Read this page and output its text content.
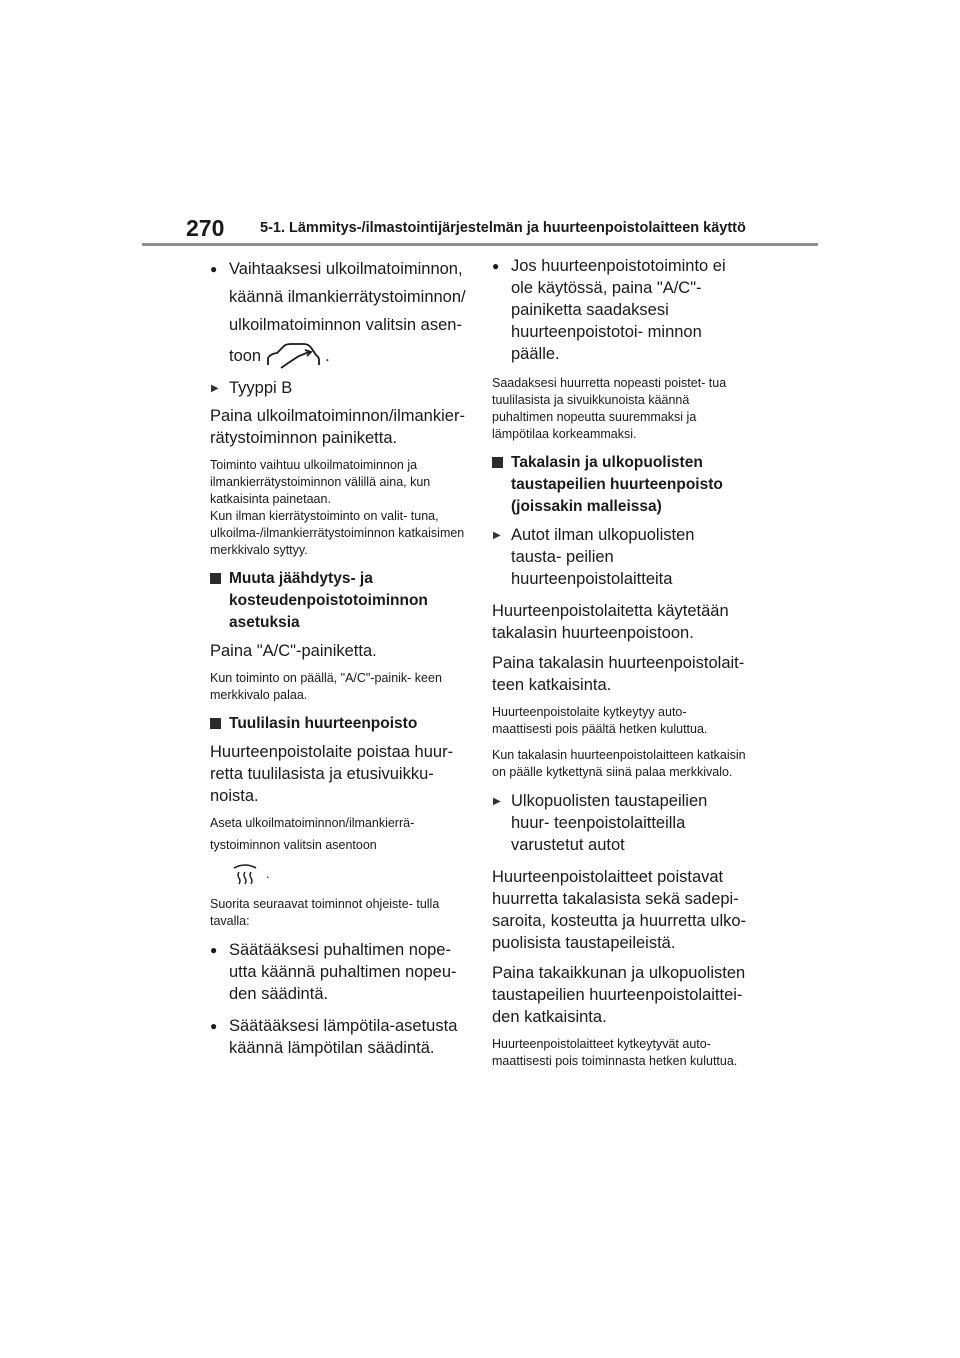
270 5-1. Lämmitys-/ilmastointijärjestelmän ja huurteenpoistolaitteen käyttö
● Vaihtaaksesi ulkoilmatoiminnon, käännä ilmankierrätystoiminnon/ ulkoilmatoiminnon valitsin asen-
toon	.
▶ Tyyppi B

Paina ulkoilmatoiminnon/ilmankier- rätystoiminnon painiketta.

Toiminto vaihtuu ulkoilmatoiminnon ja ilmankierrätystoiminnon välillä aina, kun katkaisinta painetaan.

Kun ilman kierrätystoiminto on valit- tuna, ulkoilma-/ilmankierrätystoiminnon katkaisimen merkkivalo syttyy.

Muuta jäähdytys- ja kosteudenpoistotoiminnon asetuksia

Paina "A/C"-painiketta.

Kun toiminto on päällä, "A/C"-painik- keen merkkivalo palaa.

Tuulilasin huurteenpoisto

Huurteenpoistolaite poistaa huur- retta tuulilasista ja etusivuikku- noista.

Aseta ulkoilmatoiminnon/ilmankierrä-

tystoiminnon valitsin asentoon

.

Suorita seuraavat toiminnot ohjeiste- tulla tavalla:

● Säätääksesi puhaltimen nope- utta käännä puhaltimen nopeu- den säädintä.
● Säätääksesi lämpötila-asetusta käännä lämpötilan säädintä.
● Jos huurteenpoistotoiminto ei ole käytössä, paina "A/C"-painiketta saadaksesi huurteenpoistotoi- minnon päälle.

Saadaksesi huurretta nopeasti poistet- tua tuulilasista ja sivuikkunoista käännä puhaltimen nopeutta suuremmaksi ja lämpötilaa korkeammaksi.

Takalasin ja ulkopuolisten taustapeilien huurteenpoisto (joissakin malleissa)
▶ Autot ilman ulkopuolisten tausta- peilien huurteenpoistolaitteita

Huurteenpoistolaitetta käytetään takalasin huurteenpoistoon.

Paina takalasin huurteenpoistolait- teen katkaisinta.

Huurteenpoistolaite kytkeytyy auto- maattisesti pois päältä hetken kuluttua.

Kun takalasin huurteenpoistolaitteen katkaisin on päälle kytkettynä siinä palaa merkkivalo.

▶ Ulkopuolisten taustapeilien huur- teenpoistolaitteilla varustetut autot

Huurteenpoistolaitteet poistavat huurretta takalasista sekä sadepi- saroita, kosteutta ja huurretta ulko- puolisista taustapeileistä.

Paina takaikkunan ja ulkopuolisten taustapeilien huurteenpoistolaittei- den katkaisinta.

Huurteenpoistolaitteet kytkeytyvät auto- maattisesti pois toiminnasta hetken kuluttua.
